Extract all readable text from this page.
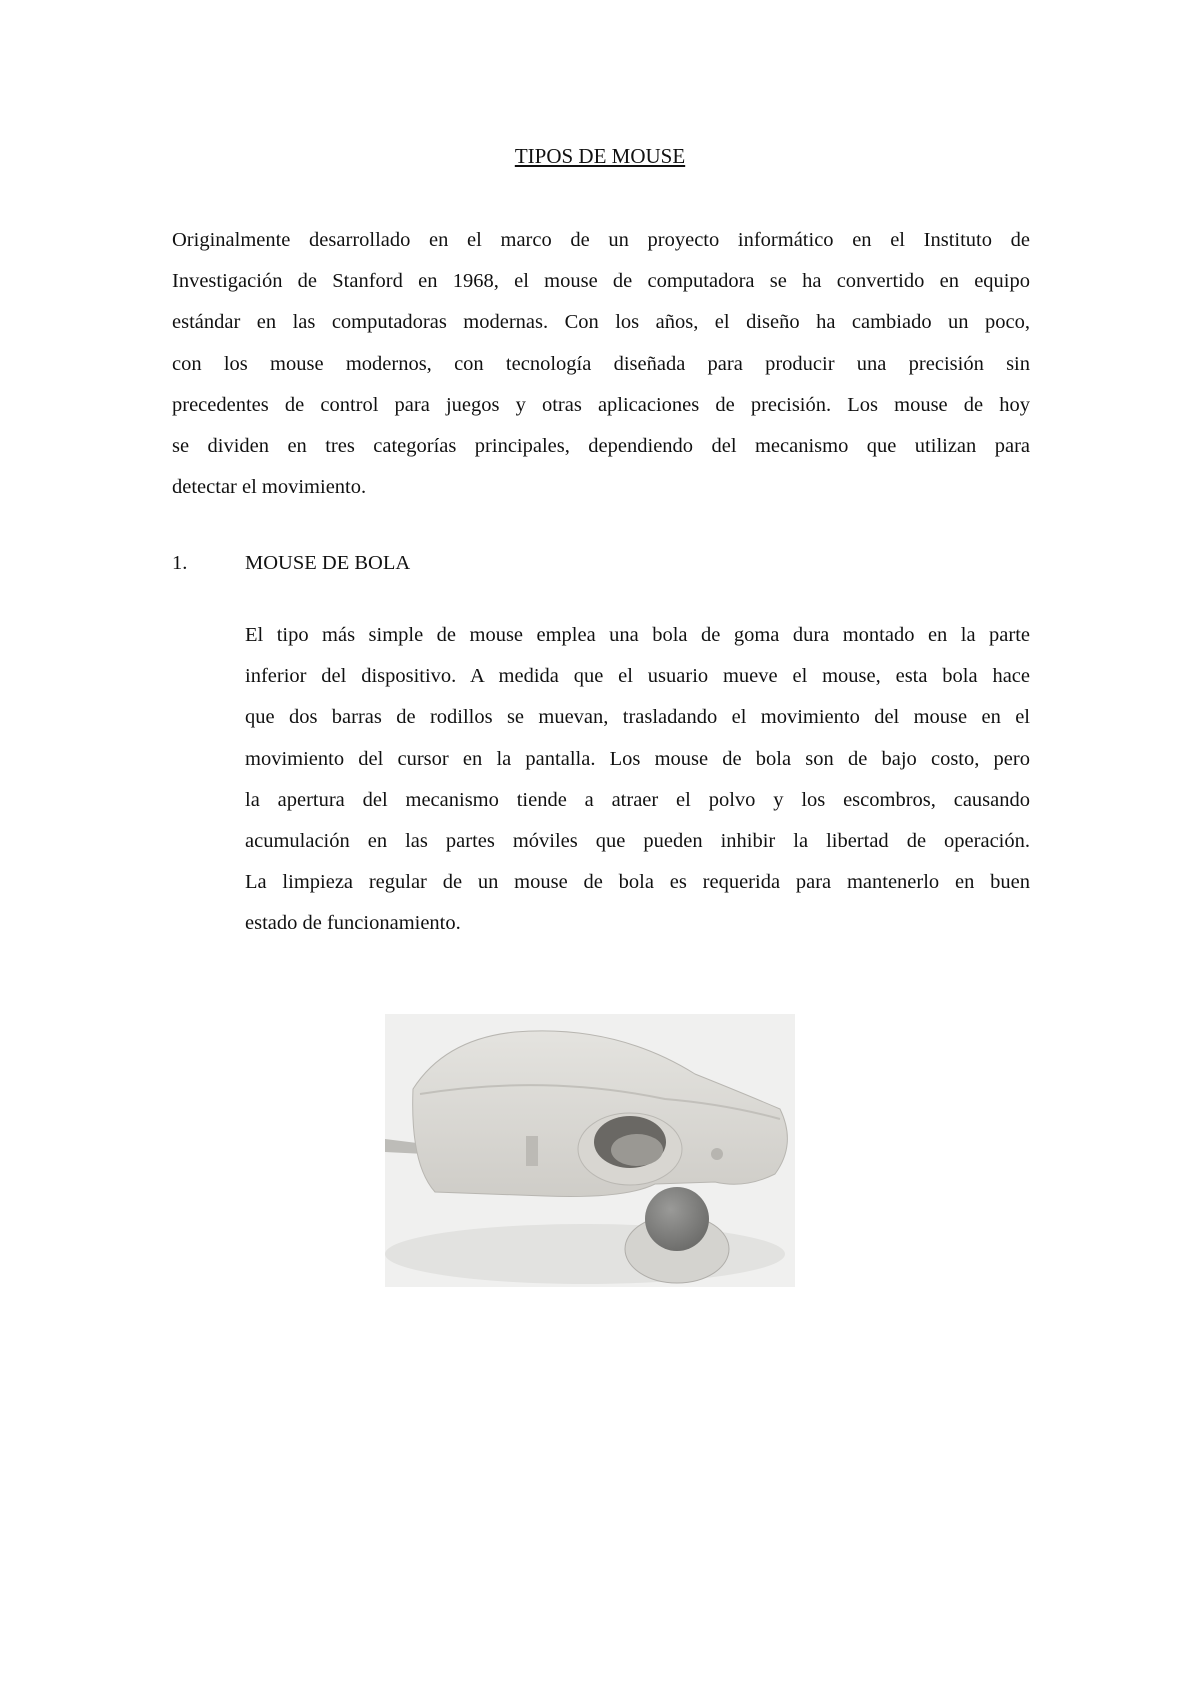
TIPOS DE MOUSE
Originalmente desarrollado en el marco de un proyecto informático en el Instituto de
Investigación de Stanford en 1968, el mouse de computadora se ha convertido en equipo
estándar en las computadoras modernas. Con los años, el diseño ha cambiado un poco,
con los mouse modernos, con tecnología diseñada para producir una precisión sin
precedentes de control para juegos y otras aplicaciones de precisión. Los mouse de hoy
se dividen en tres categorías principales, dependiendo del mecanismo que utilizan para
detectar el movimiento.
1.	MOUSE DE BOLA
El tipo más simple de mouse emplea una bola de goma dura montado en la parte
inferior del dispositivo. A medida que el usuario mueve el mouse, esta bola hace
que dos barras de rodillos se muevan, trasladando el movimiento del mouse en el
movimiento del cursor en la pantalla. Los mouse de bola son de bajo costo, pero
la apertura del mecanismo tiende a atraer el polvo y los escombros, causando
acumulación en las partes móviles que pueden inhibir la libertad de operación.
La limpieza regular de un mouse de bola es requerida para mantenerlo en buen
estado de funcionamiento.
